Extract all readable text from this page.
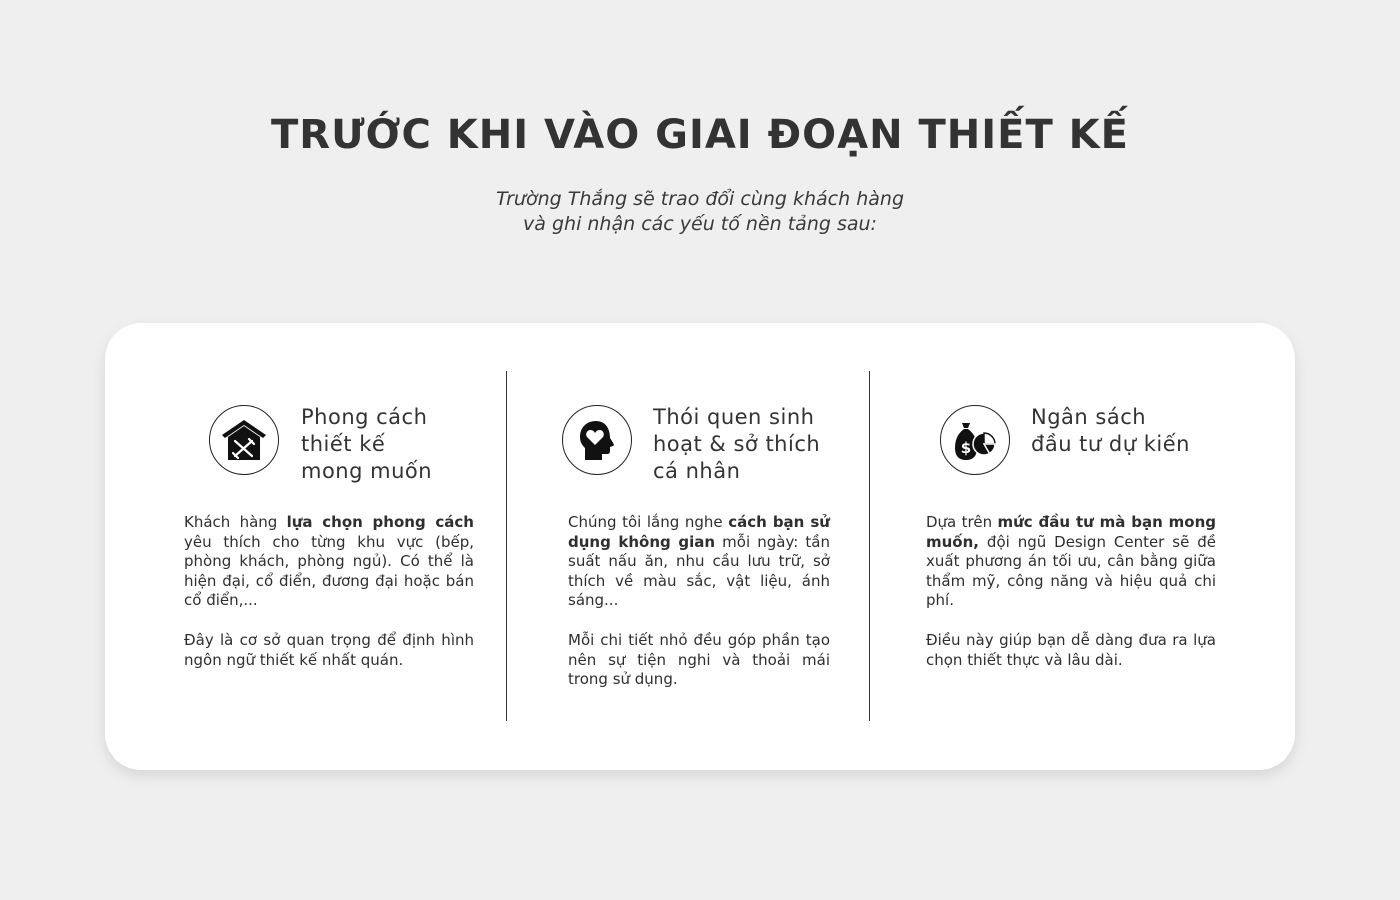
TRƯỚC KHI VÀO GIAI ĐOẠN THIẾT KẾ
Trường Thắng sẽ trao đổi cùng khách hàng
và ghi nhận các yếu tố nền tảng sau:
Phong cách
thiết kế
mong muốn

Khách hàng lựa chọn phong cách yêu thích cho từng khu vực (bếp, phòng khách, phòng ngủ). Có thể là hiện đại, cổ điển, đương đại hoặc bán cổ điển,...

Đây là cơ sở quan trọng để định hình ngôn ngữ thiết kế nhất quán.

Thói quen sinh
hoạt & sở thích
cá nhân

Chúng tôi lắng nghe cách bạn sử dụng không gian mỗi ngày: tần suất nấu ăn, nhu cầu lưu trữ, sở thích về màu sắc, vật liệu, ánh sáng...

Mỗi chi tiết nhỏ đều góp phần tạo nên sự tiện nghi và thoải mái trong sử dụng.

$
Ngân sách
đầu tư dự kiến

Dựa trên mức đầu tư mà bạn mong muốn, đội ngũ Design Center sẽ đề xuất phương án tối ưu, cân bằng giữa thẩm mỹ, công năng và hiệu quả chi phí.

Điều này giúp bạn dễ dàng đưa ra lựa chọn thiết thực và lâu dài.
